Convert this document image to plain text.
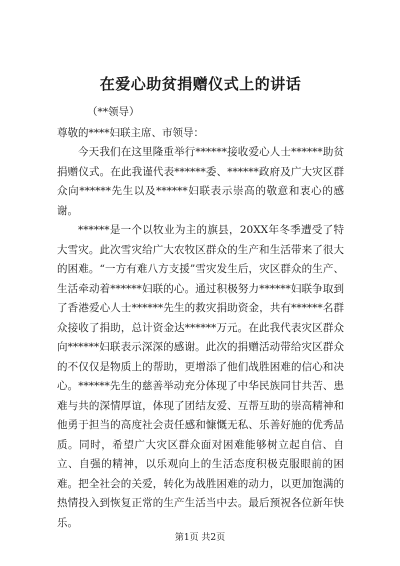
在爱心助贫捐赠仪式上的讲话
（**领导）
尊敬的****妇联主席、市领导：

今天我们在这里隆重举行******接收爱心人士******助贫捐赠仪式。在此我谨代表******委、******政府及广大灾区群众向******先生以及******妇联表示崇高的敬意和衷心的感谢。

******是一个以牧业为主的旗县，20XX年冬季遭受了特大雪灾。此次雪灾给广大农牧区群众的生产和生活带来了很大的困难。“一方有难八方支援”雪灾发生后，灾区群众的生产、生活牵动着******妇联的心。通过积极努力******妇联争取到了香港爱心人士******先生的救灾捐助资金，共有******名群众接收了捐助，总计资金达******万元。在此我代表灾区群众向******妇联表示深深的感谢。此次的捐赠活动带给灾区群众的不仅仅是物质上的帮助，更增添了他们战胜困难的信心和决心。******先生的慈善举动充分体现了中华民族同甘共苦、患难与共的深情厚谊，体现了团结友爱、互帮互助的崇高精神和他勇于担当的高度社会责任感和慷慨无私、乐善好施的优秀品质。同时，希望广大灾区群众面对困难能够树立起自信、自立、自强的精神，以乐观向上的生活态度积极克服眼前的困难。把全社会的关爱，转化为战胜困难的动力，以更加饱满的热情投入到恢复正常的生产生活当中去。最后预祝各位新年快乐。

第1页 共2页
